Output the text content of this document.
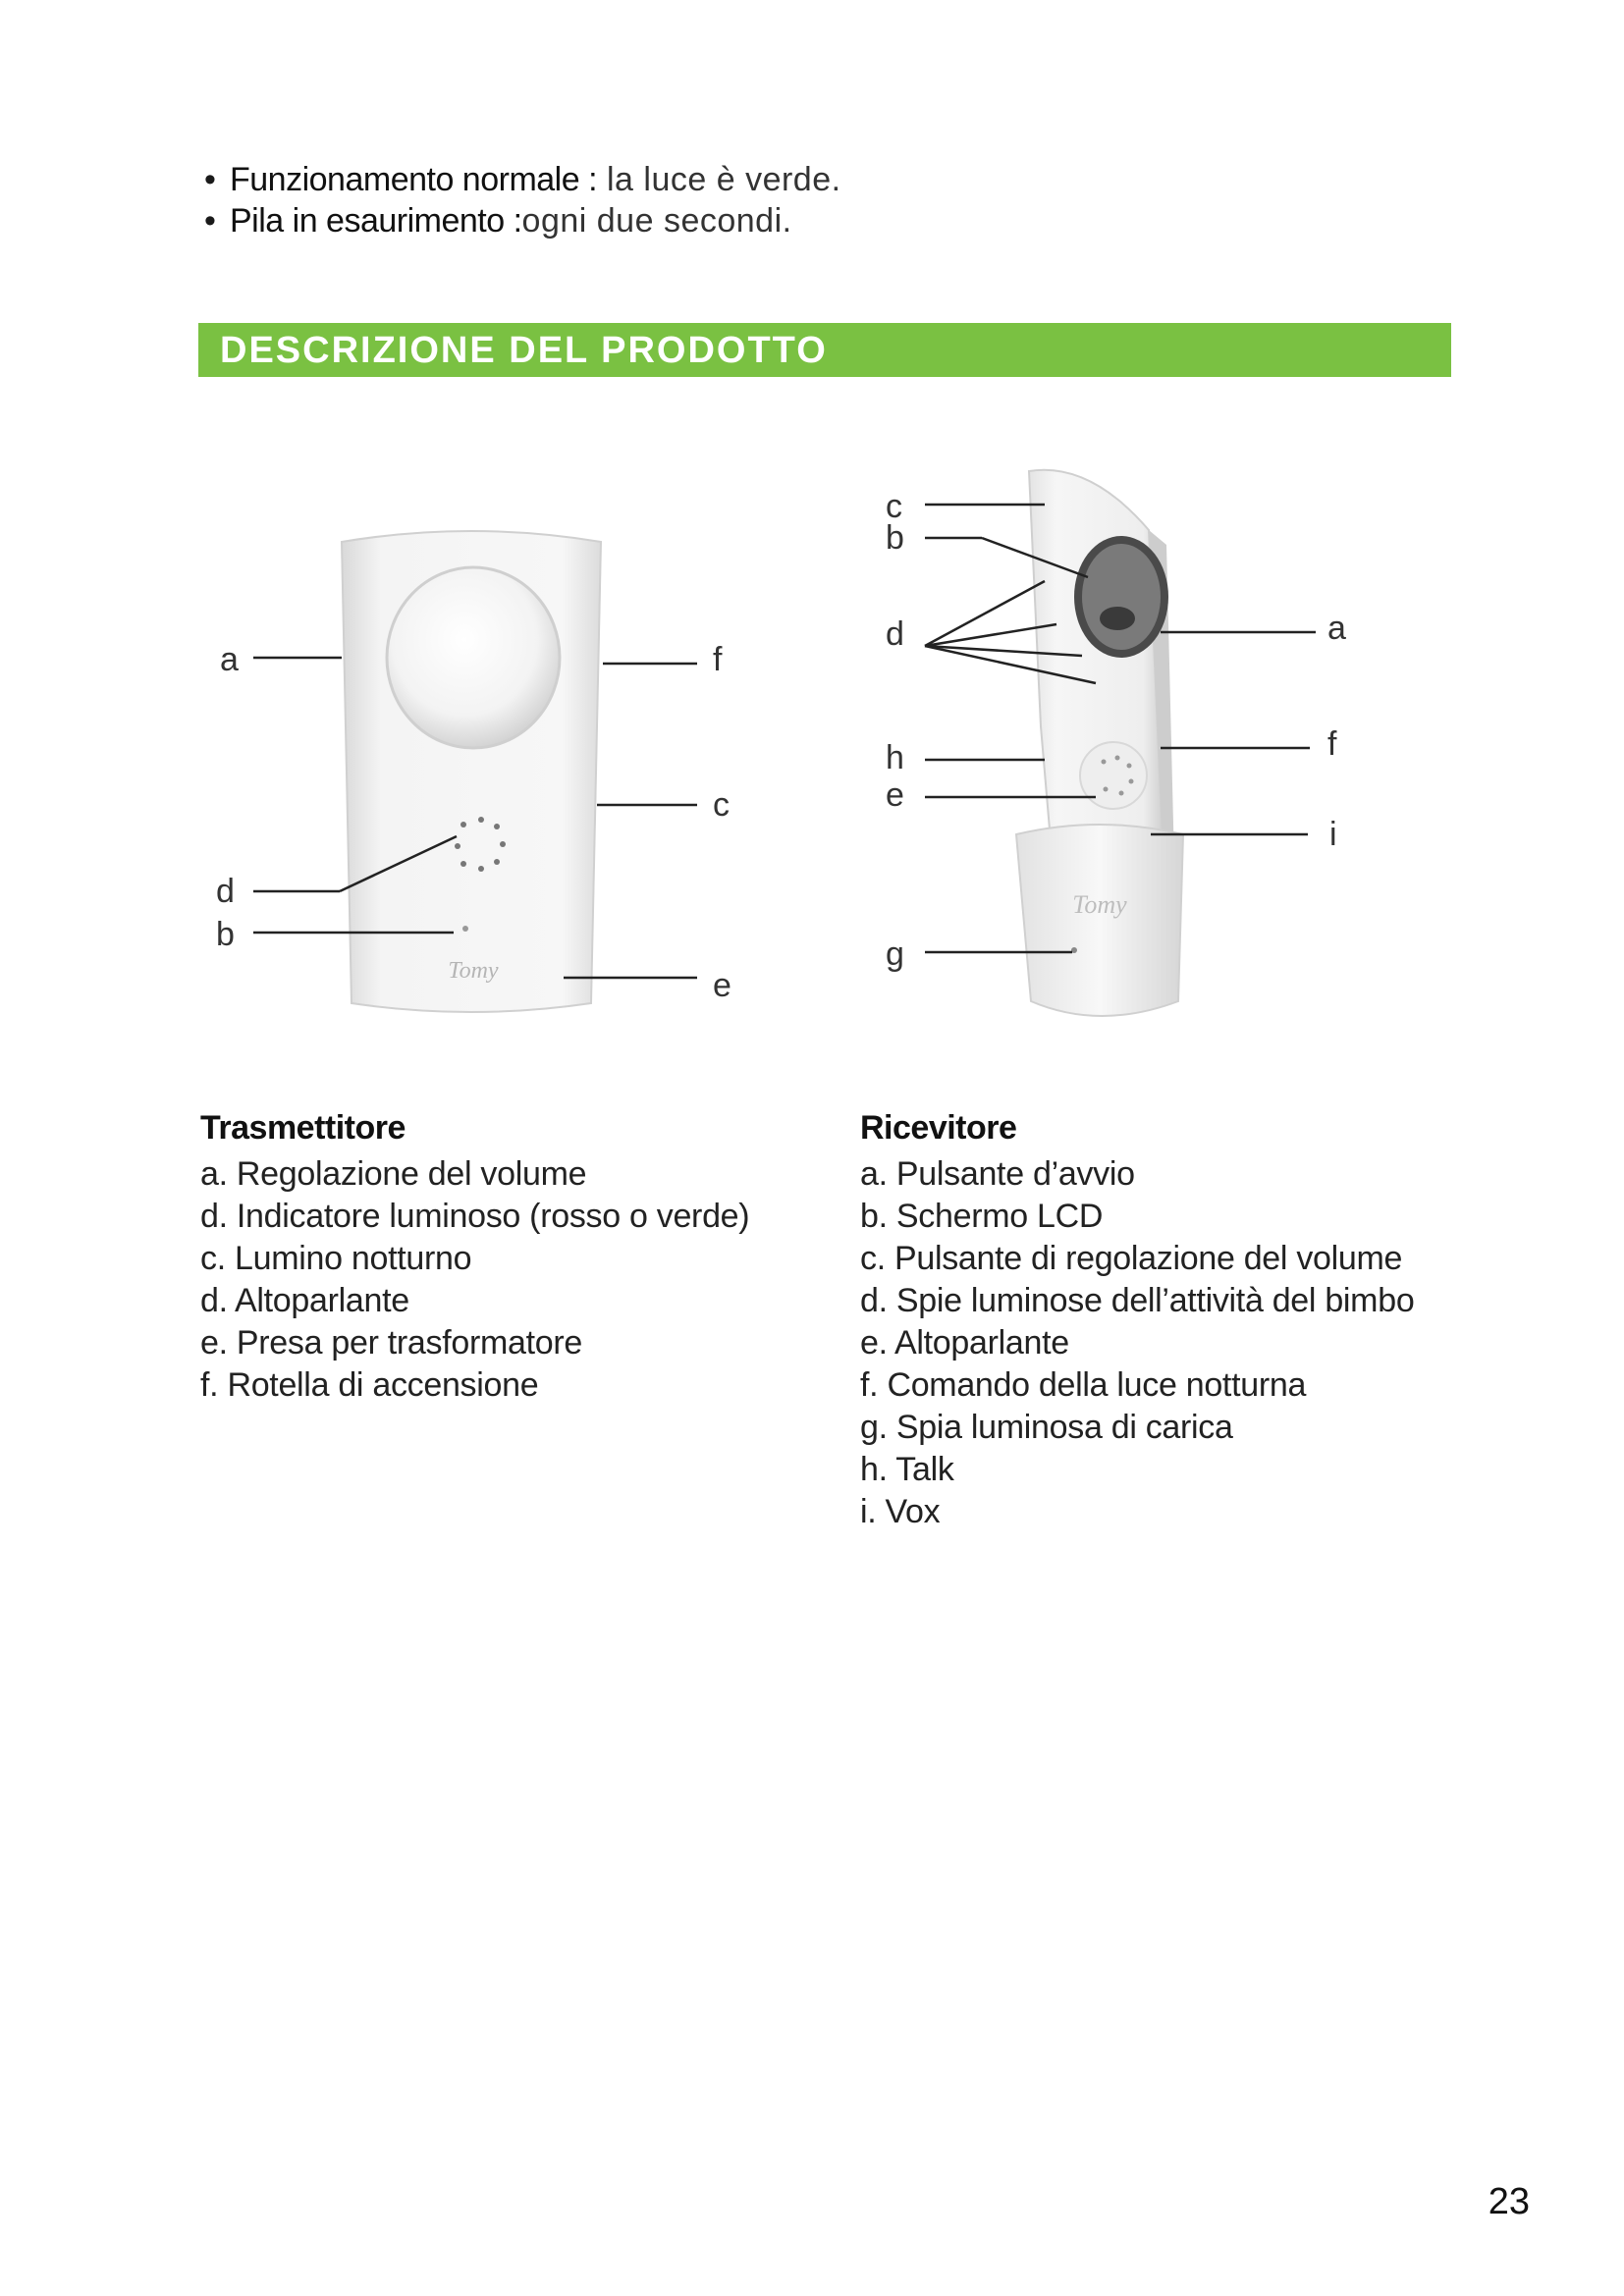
• Funzionamento normale : la luce è verde.
• Pila in esaurimento :ogni due secondi.
DESCRIZIONE DEL PRODOTTO
Tomy
a	f
c
d
b
e
Tomy
c
b
d	a
f
h
e
i
g
Trasmettitore
a. Regolazione del volume
d. Indicatore luminoso (rosso o verde)
c. Lumino notturno
d. Altoparlante
e. Presa per trasformatore
f. Rotella di accensione
Ricevitore
a. Pulsante d’avvio
b. Schermo LCD
c. Pulsante di regolazione del volume
d. Spie luminose dell’attività del bimbo
e. Altoparlante
f. Comando della luce notturna
g. Spia luminosa di carica
h. Talk
i. Vox
23
